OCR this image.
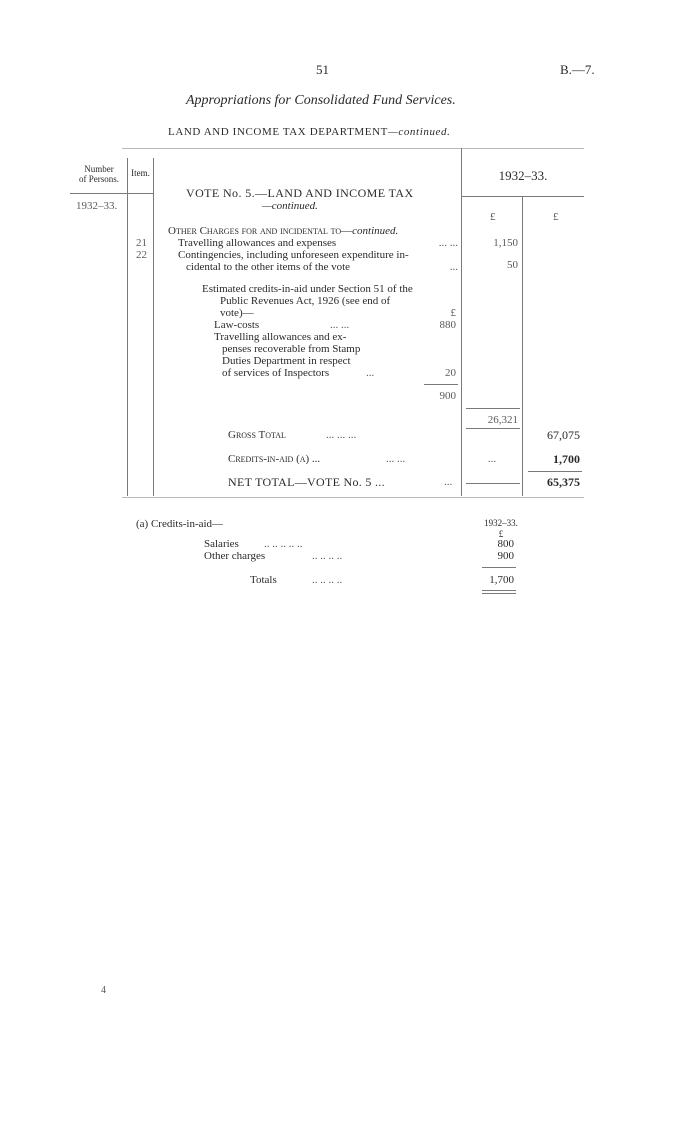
51	B.—7.
Appropriations for Consolidated Fund Services.
LAND AND INCOME TAX DEPARTMENT—continued.
Number
of Persons.
Item.	1932–33.
1932–33.
VOTE No. 5.—LAND AND INCOME TAX
—continued.
£	£
Other Charges for and incidental to—continued.
21	Travelling allowances and expenses	... ...	1,150
22	Contingencies, including unforeseen expenditure in-
cidental to the other items of the vote	...	50
Estimated credits-in-aid under Section 51 of the
Public Revenues Act, 1926 (see end of
vote)—	£
Law-costs	... ...	880
Travelling allowances and ex-
penses recoverable from Stamp
Duties Department in respect
of services of Inspectors	...	20
900
26,321
Gross Total	... ... ...	67,075
Credits-in-aid (a) ...	... ...	...	1,700
NET TOTAL—VOTE No. 5 ...	...	65,375
(a) Credits-in-aid—	1932–33.
£
Salaries .. .. .. .. ..	800
Other charges	.. .. .. ..	900
Totals	.. .. .. ..	1,700
4
